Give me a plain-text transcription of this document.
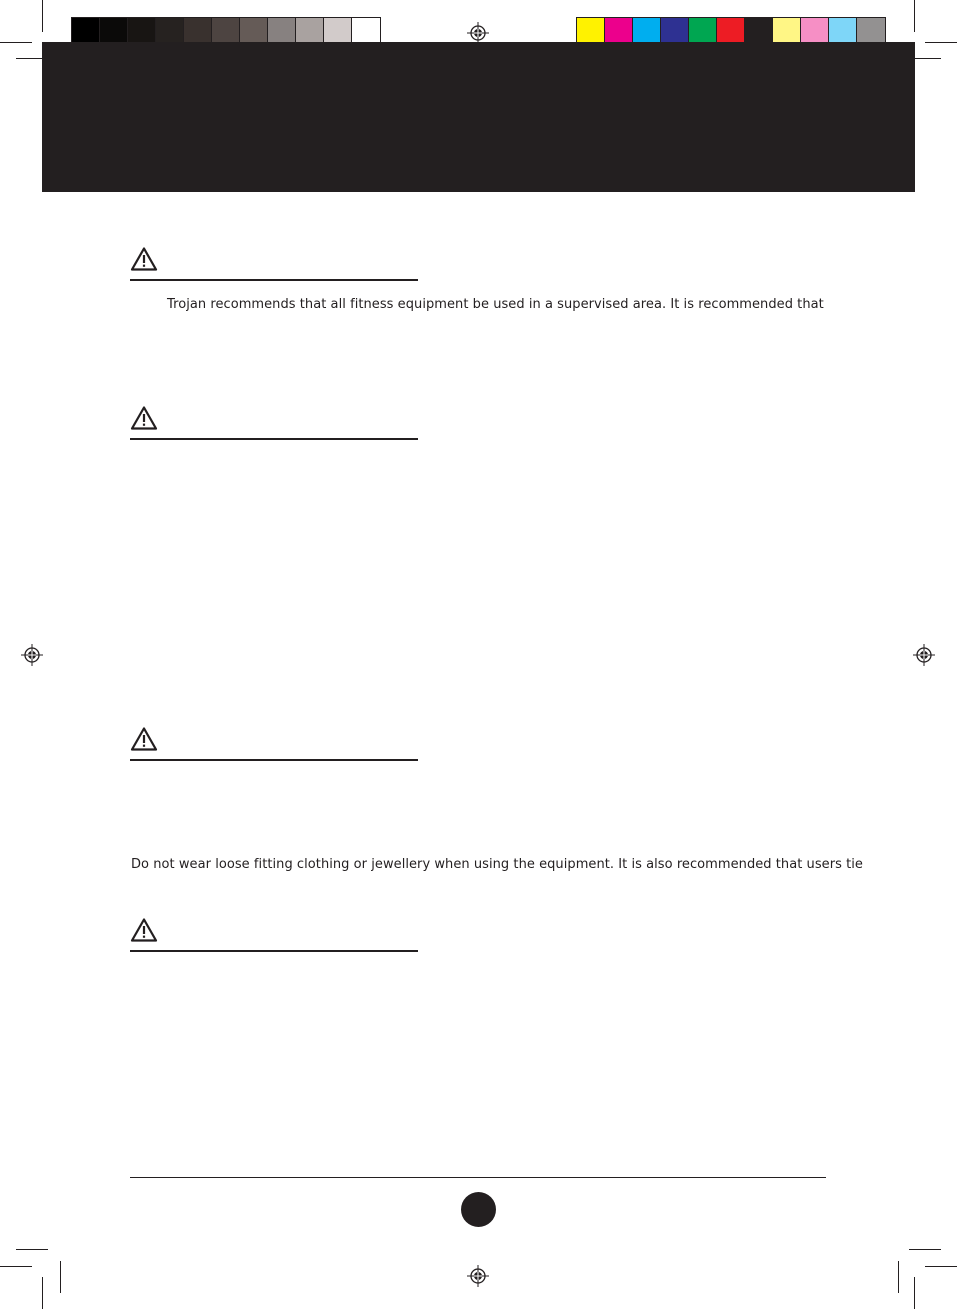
Trojan recommends that all fitness equipment be used in a supervised area. It is recommended that
Do not wear loose fitting clothing or jewellery when using the equipment. It is also recommended that users tie
